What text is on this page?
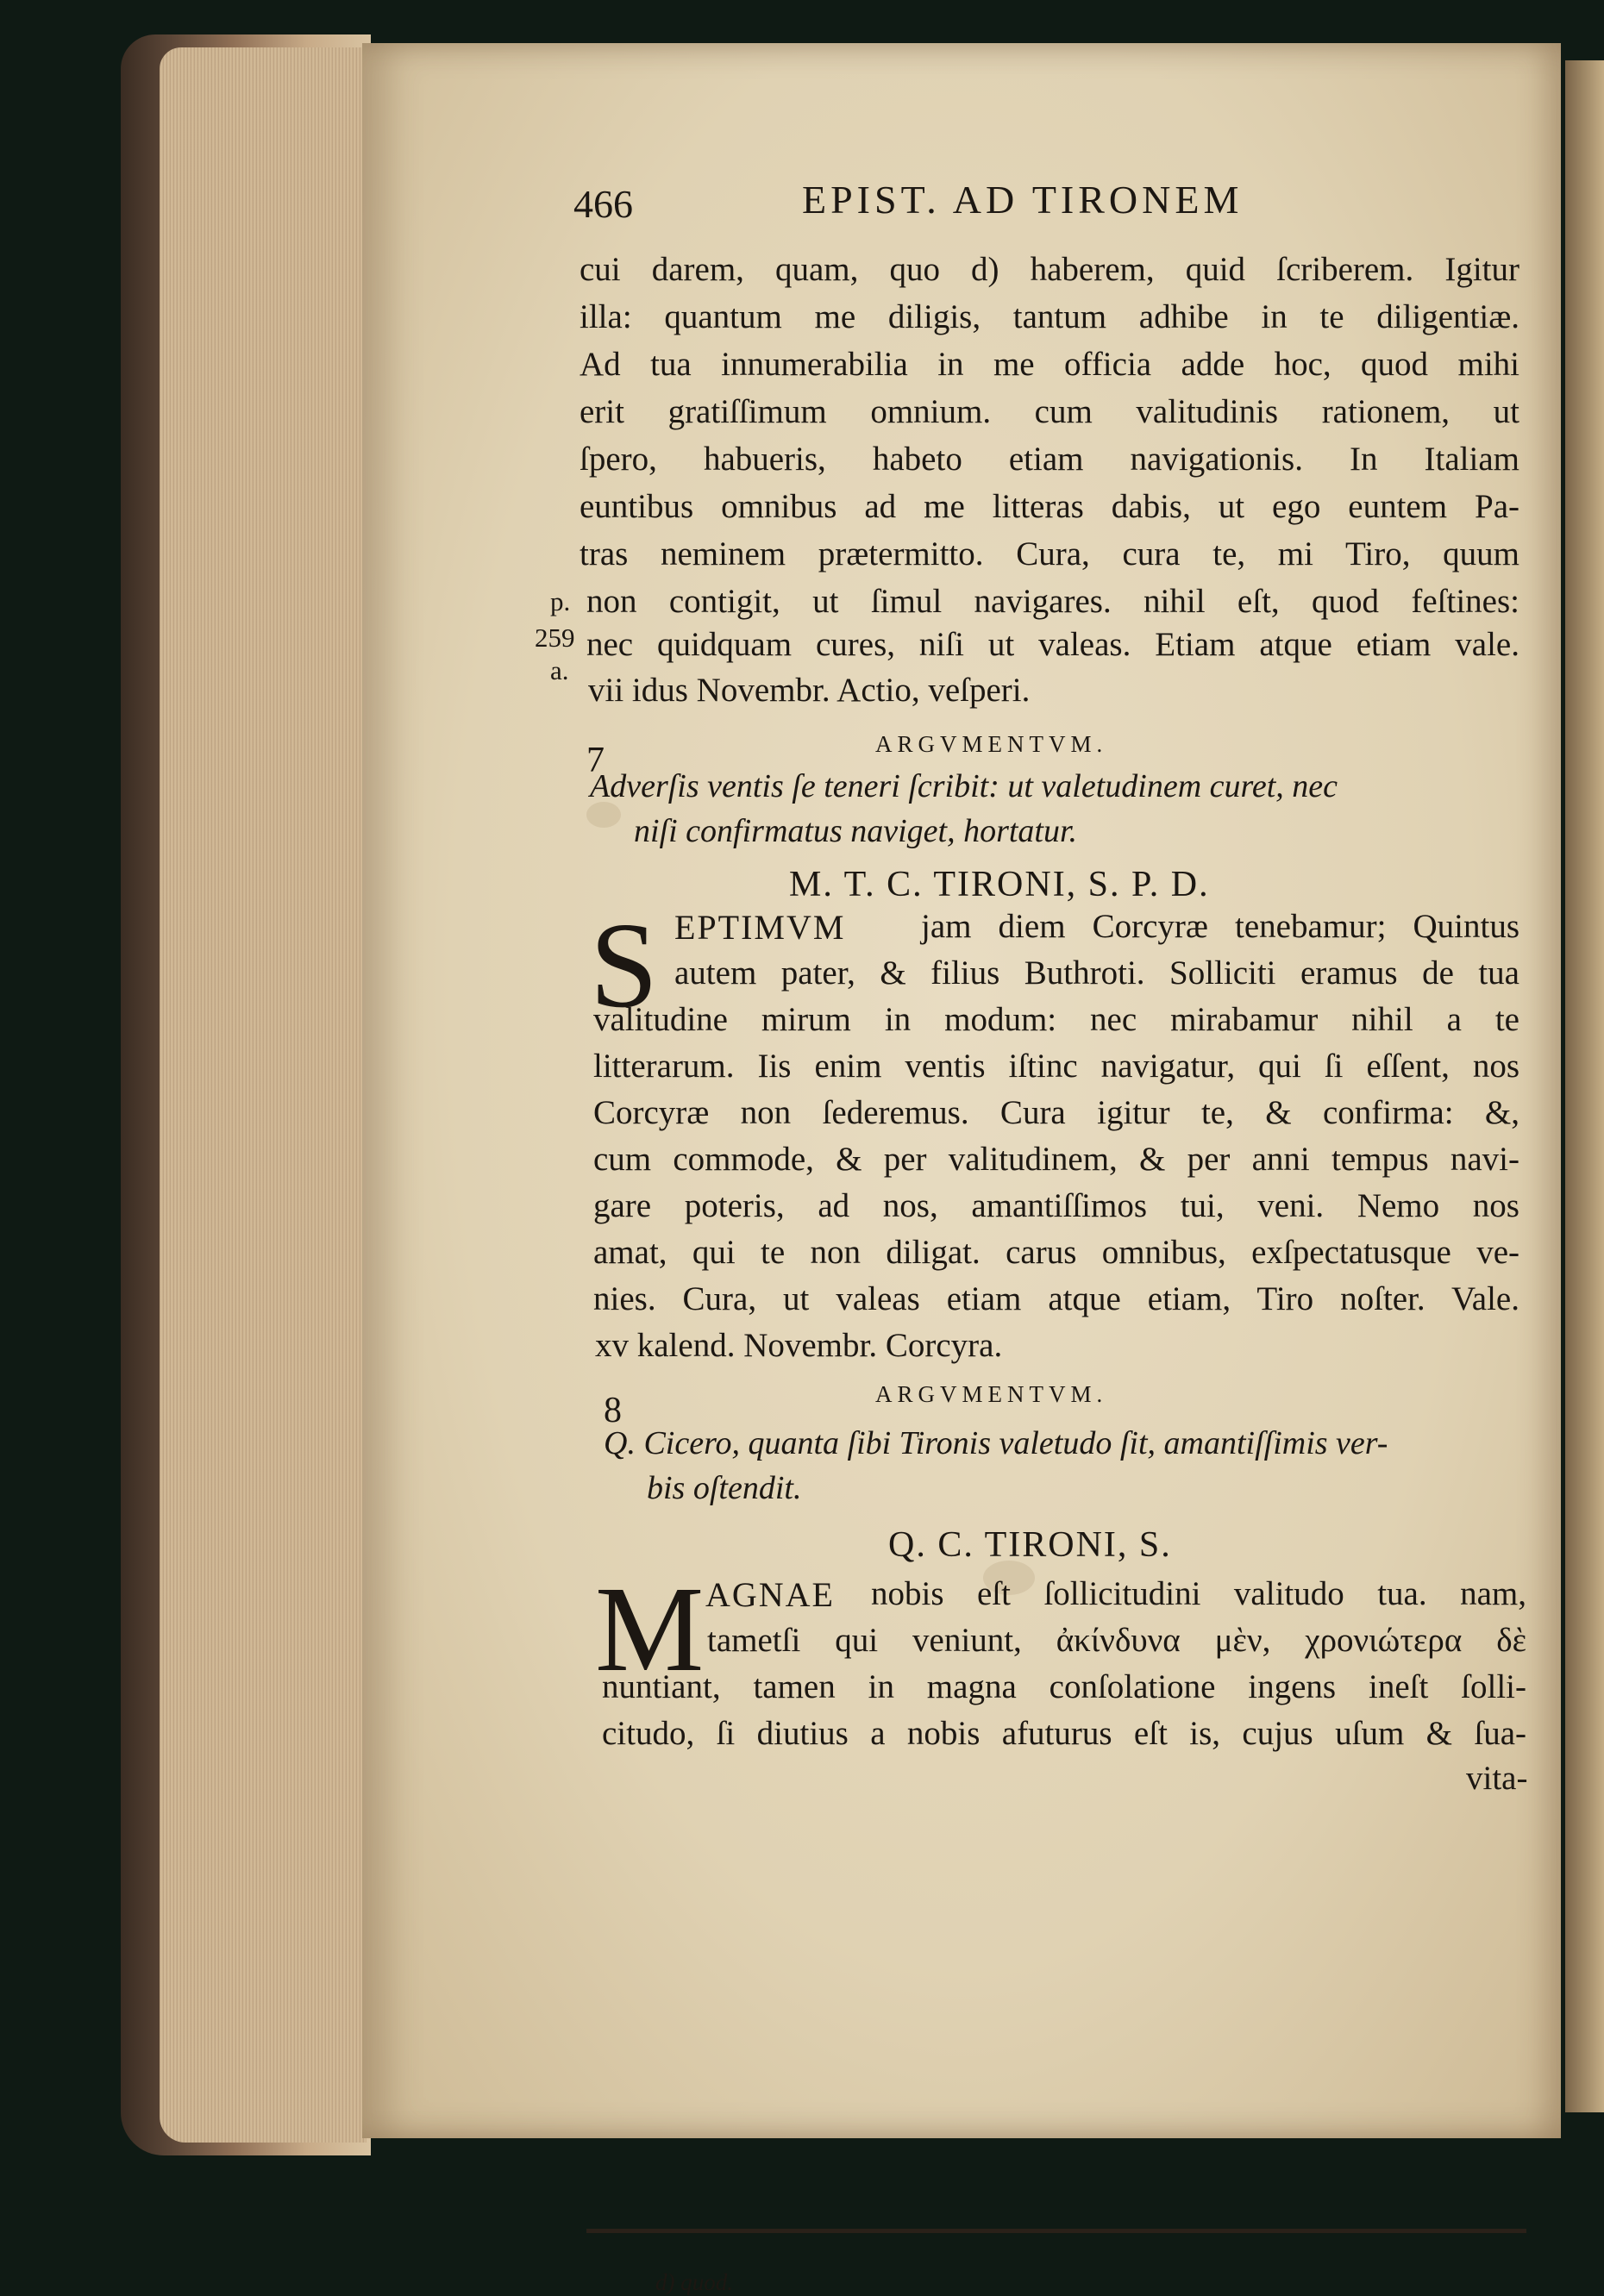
466	EPIST. AD TIRONEM
cui darem, quam, quo d) haberem, quid ſcriberem. Igitur
illa: quantum me diligis, tantum adhibe in te diligentiæ.
Ad tua innumerabilia in me officia adde hoc, quod mihi
erit gratiſſimum omnium. cum valitudinis rationem, ut
ſpero, habueris, habeto etiam navigationis. In Italiam
euntibus omnibus ad me litteras dabis, ut ego euntem Pa-
tras neminem prætermitto. Cura, cura te, mi Tiro, quum
non contigit, ut ſimul navigares. nihil eſt, quod feſtines:
nec quidquam cures, niſi ut valeas. Etiam atque etiam vale.
vii idus Novembr. Actio, veſperi.
p.
259
a.
7	ARGVMENTVM.
Adverſis ventis ſe teneri ſcribit: ut valetudinem curet, nec
niſi confirmatus naviget, hortatur.
M. T. C. TIRONI, S. P. D.
S EPTIMVM jam diem Corcyræ tenebamur; Quintus
autem pater, & filius Buthroti. Solliciti eramus de tua
valitudine mirum in modum: nec mirabamur nihil a te
litterarum. Iis enim ventis iſtinc navigatur, qui ſi eſſent, nos
Corcyræ non ſederemus. Cura igitur te, & confirma: &,
cum commode, & per valitudinem, & per anni tempus navi-
gare poteris, ad nos, amantiſſimos tui, veni. Nemo nos
amat, qui te non diligat. carus omnibus, exſpectatusque ve-
nies. Cura, ut valeas etiam atque etiam, Tiro noſter. Vale.
xv kalend. Novembr. Corcyra.
8	ARGVMENTVM.
Q. Cicero, quanta ſibi Tironis valetudo ſit, amantiſſimis ver-
bis oſtendit.
Q. C. TIRONI, S.
M AGNAE nobis eſt ſollicitudini valitudo tua. nam,
tametſi qui veniunt, ἀκίνδυνα μὲν, χρονιώτερα δὲ
nuntiant, tamen in magna conſolatione ingens ineſt ſolli-
citudo, ſi diutius a nobis afuturus eſt is, cujus uſum & ſua-
vita-
d) quod.
